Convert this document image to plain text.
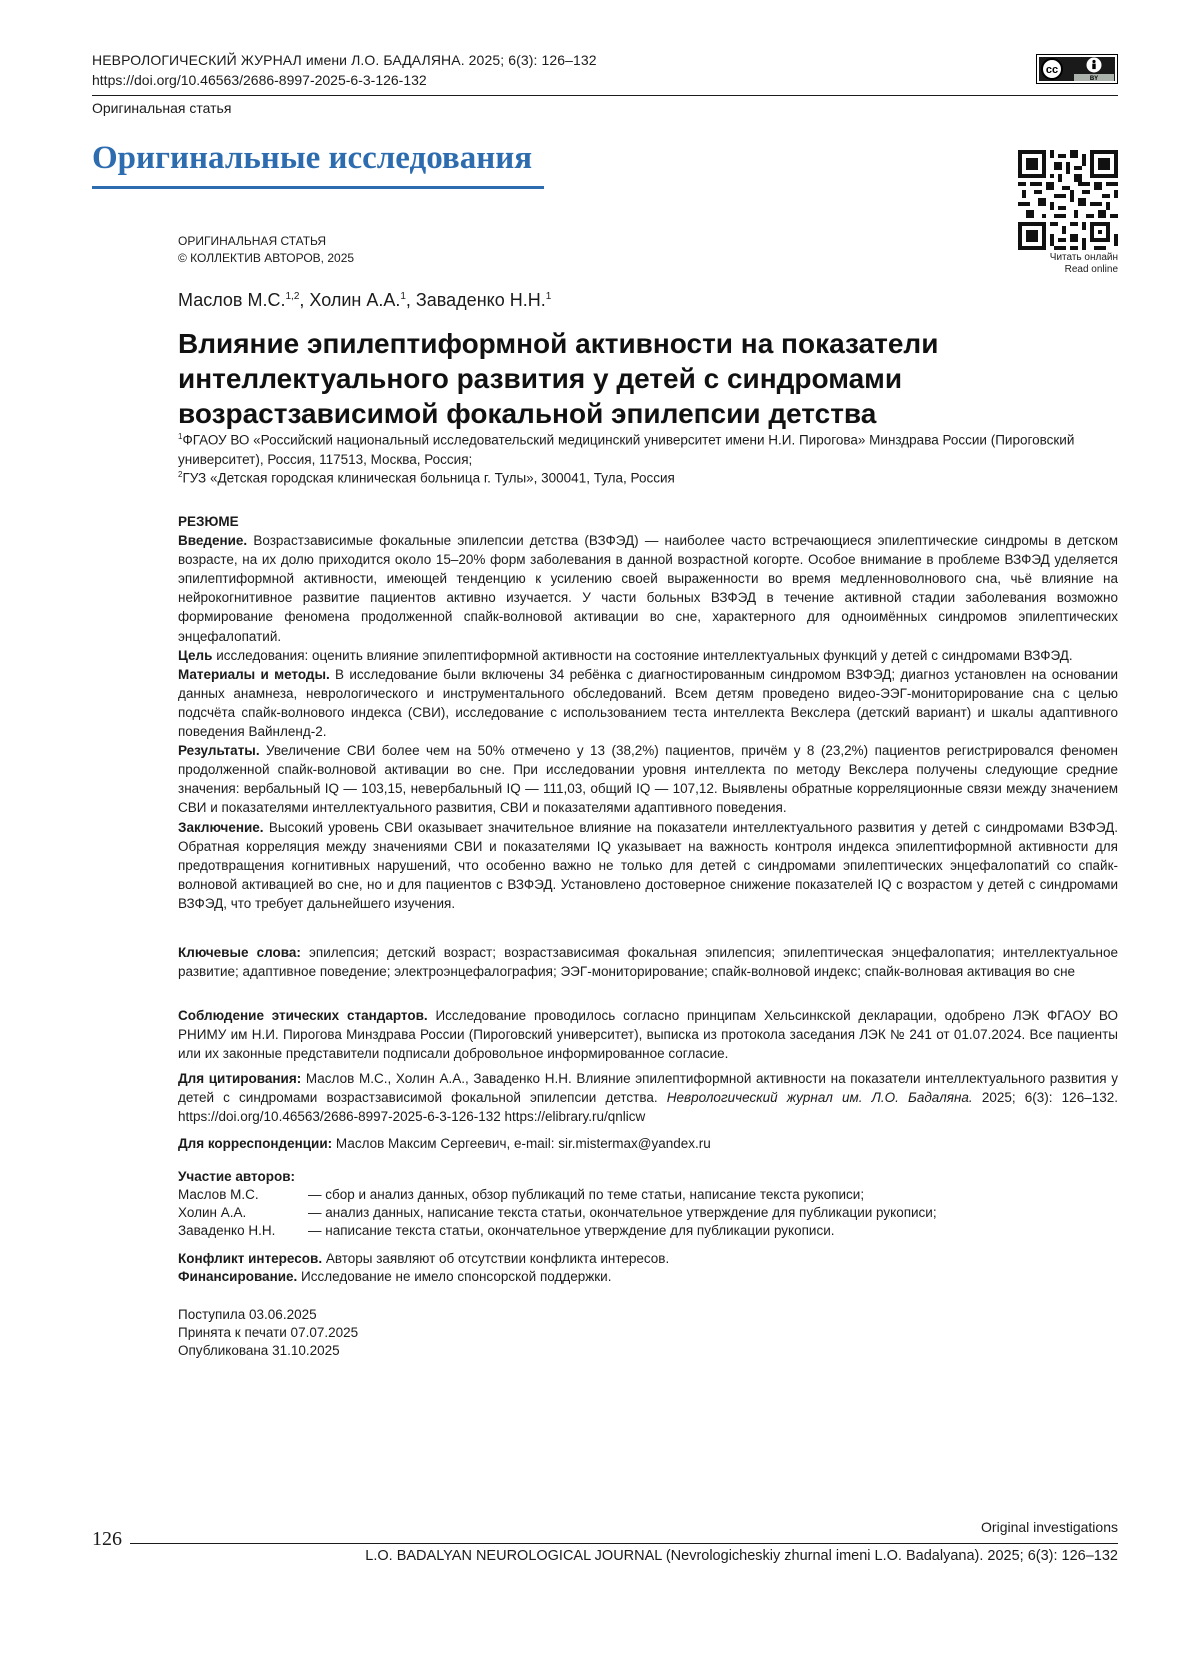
НЕВРОЛОГИЧЕСКИЙ ЖУРНАЛ имени Л.О. БАДАЛЯНА. 2025; 6(3): 126–132
https://doi.org/10.46563/2686-8997-2025-6-3-126-132
Оригинальная статья
cc
BY
Оригинальные исследования
Читать онлайн
Read online
ОРИГИНАЛЬНАЯ СТАТЬЯ
© КОЛЛЕКТИВ АВТОРОВ, 2025
Маслов М.С.$^{1,2}$, Холин А.А.$^1$, Заваденко Н.Н.$^1$
Влияние эпилептиформной активности на показатели интеллектуального развития у детей с синдромами возрастзависимой фокальной эпилепсии детства
$^1$ФГАОУ ВО «Российский национальный исследовательский медицинский университет имени Н.И. Пирогова» Минздрава России (Пироговский университет), Россия, 117513, Москва, Россия;
$^2$ГУЗ «Детская городская клиническая больница г. Тулы», 300041, Тула, Россия

РЕЗЮМЕ

Введение. Возрастзависимые фокальные эпилепсии детства (ВЗФЭД) — наиболее часто встречающиеся эпилептические синдромы в детском возрасте, на их долю приходится около 15–20% форм заболевания в данной возрастной когорте. Особое внимание в проблеме ВЗФЭД уделяется эпилептиформной активности, имеющей тенденцию к усилению своей выраженности во время медленноволнового сна, чьё влияние на нейрокогнитивное развитие пациентов активно изучается. У части больных ВЗФЭД в течение активной стадии заболевания возможно формирование феномена продолженной спайк-волновой активации во сне, характерного для одноимённых синдромов эпилептических энцефалопатий.

Цель исследования: оценить влияние эпилептиформной активности на состояние интеллектуальных функций у детей с синдромами ВЗФЭД.

Материалы и методы. В исследование были включены 34 ребёнка с диагностированным синдромом ВЗФЭД; диагноз установлен на основании данных анамнеза, неврологического и инструментального обследований. Всем детям проведено видео-ЭЭГ-мониторирование сна с целью подсчёта спайк-волнового индекса (СВИ), исследование с использованием теста интеллекта Векслера (детский вариант) и шкалы адаптивного поведения Вайнленд-2.

Результаты. Увеличение СВИ более чем на 50% отмечено у 13 (38,2%) пациентов, причём у 8 (23,2%) пациентов регистрировался феномен продолженной спайк-волновой активации во сне. При исследовании уровня интеллекта по методу Векслера получены следующие средние значения: вербальный IQ — 103,15, невербальный IQ — 111,03, общий IQ — 107,12. Выявлены обратные корреляционные связи между значением СВИ и показателями интеллектуального развития, СВИ и показателями адаптивного поведения.

Заключение. Высокий уровень СВИ оказывает значительное влияние на показатели интеллектуального развития у детей с синдромами ВЗФЭД. Обратная корреляция между значениями СВИ и показателями IQ указывает на важность контроля индекса эпилептиформной активности для предотвращения когнитивных нарушений, что особенно важно не только для детей с синдромами эпилептических энцефалопатий со спайк-волновой активацией во сне, но и для пациентов с ВЗФЭД. Установлено достоверное снижение показателей IQ с возрастом у детей с синдромами ВЗФЭД, что требует дальнейшего изучения.

Ключевые слова: эпилепсия; детский возраст; возрастзависимая фокальная эпилепсия; эпилептическая энцефалопатия; интеллектуальное развитие; адаптивное поведение; электроэнцефалография; ЭЭГ-мониторирование; спайк-волновой индекс; спайк-волновая активация во сне

Соблюдение этических стандартов. Исследование проводилось согласно принципам Хельсинкской декларации, одобрено ЛЭК ФГАОУ ВО РНИМУ им Н.И. Пирогова Минздрава России (Пироговский университет), выписка из протокола заседания ЛЭК № 241 от 01.07.2024. Все пациенты или их законные представители подписали добровольное информированное согласие.

Для цитирования: Маслов М.С., Холин А.А., Заваденко Н.Н. Влияние эпилептиформной активности на показатели интеллектуального развития у детей с синдромами возрастзависимой фокальной эпилепсии детства. Неврологический журнал им. Л.О. Бадаляна. 2025; 6(3): 126–132. https://doi.org/10.46563/2686-8997-2025-6-3-126-132 https://elibrary.ru/qnlicw

Для корреспонденции: Маслов Максим Сергеевич, e-mail: sir.mistermax@yandex.ru

Участие авторов:
Маслов М.С.	— сбор и анализ данных, обзор публикаций по теме статьи, написание текста рукописи;
Холин А.А.	— анализ данных, написание текста статьи, окончательное утверждение для публикации рукописи;
Заваденко Н.Н.	— написание текста статьи, окончательное утверждение для публикации рукописи.
Конфликт интересов. Авторы заявляют об отсутствии конфликта интересов.
Финансирование. Исследование не имело спонсорской поддержки.
Поступила 03.06.2025
Принята к печати 07.07.2025
Опубликована 31.10.2025
126
Original investigations
L.O. BADALYAN NEUROLOGICAL JOURNAL (Nevrologicheskiy zhurnal imeni L.O. Badalyana). 2025; 6(3): 126–132
